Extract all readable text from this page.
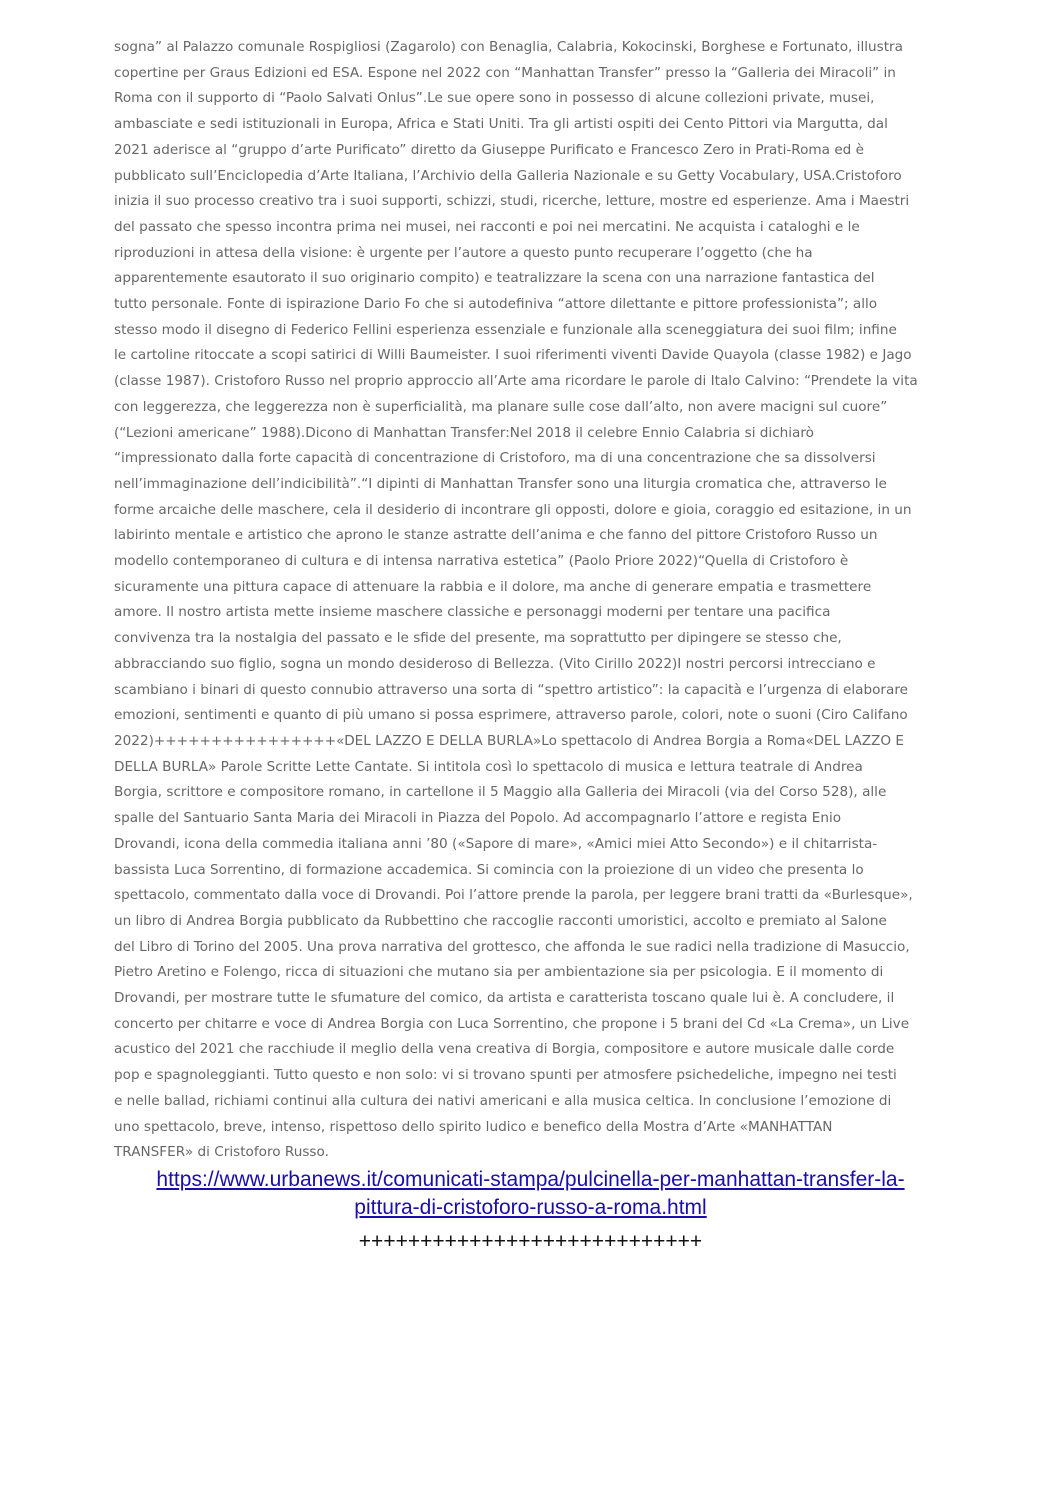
sogna” al Palazzo comunale Rospigliosi (Zagarolo) con Benaglia, Calabria, Kokocinski, Borghese e Fortunato, illustra
copertine per Graus Edizioni ed ESA. Espone nel 2022 con “Manhattan Transfer” presso la “Galleria dei Miracoli” in
Roma con il supporto di “Paolo Salvati Onlus”.Le sue opere sono in possesso di alcune collezioni private, musei,
ambasciate e sedi istituzionali in Europa, Africa e Stati Uniti. Tra gli artisti ospiti dei Cento Pittori via Margutta, dal
2021 aderisce al “gruppo d’arte Purificato” diretto da Giuseppe Purificato e Francesco Zero in Prati-Roma ed è
pubblicato sull’Enciclopedia d’Arte Italiana, l’Archivio della Galleria Nazionale e su Getty Vocabulary, USA.Cristoforo
inizia il suo processo creativo tra i suoi supporti, schizzi, studi, ricerche, letture, mostre ed esperienze. Ama i Maestri
del passato che spesso incontra prima nei musei, nei racconti e poi nei mercatini. Ne acquista i cataloghi e le
riproduzioni in attesa della visione: è urgente per l’autore a questo punto recuperare l’oggetto (che ha
apparentemente esautorato il suo originario compito) e teatralizzare la scena con una narrazione fantastica del
tutto personale. Fonte di ispirazione Dario Fo che si autodefiniva “attore dilettante e pittore professionista”; allo
stesso modo il disegno di Federico Fellini esperienza essenziale e funzionale alla sceneggiatura dei suoi film; infine
le cartoline ritoccate a scopi satirici di Willi Baumeister. I suoi riferimenti viventi Davide Quayola (classe 1982) e Jago
(classe 1987). Cristoforo Russo nel proprio approccio all’Arte ama ricordare le parole di Italo Calvino: “Prendete la vita
con leggerezza, che leggerezza non è superficialità, ma planare sulle cose dall’alto, non avere macigni sul cuore”
(“Lezioni americane” 1988).Dicono di Manhattan Transfer:Nel 2018 il celebre Ennio Calabria si dichiarò
“impressionato dalla forte capacità di concentrazione di Cristoforo, ma di una concentrazione che sa dissolversi
nell’immaginazione dell’indicibilità”.“I dipinti di Manhattan Transfer sono una liturgia cromatica che, attraverso le
forme arcaiche delle maschere, cela il desiderio di incontrare gli opposti, dolore e gioia, coraggio ed esitazione, in un
labirinto mentale e artistico che aprono le stanze astratte dell’anima e che fanno del pittore Cristoforo Russo un
modello contemporaneo di cultura e di intensa narrativa estetica” (Paolo Priore 2022)“Quella di Cristoforo è
sicuramente una pittura capace di attenuare la rabbia e il dolore, ma anche di generare empatia e trasmettere
amore. Il nostro artista mette insieme maschere classiche e personaggi moderni per tentare una pacifica
convivenza tra la nostalgia del passato e le sfide del presente, ma soprattutto per dipingere se stesso che,
abbracciando suo figlio, sogna un mondo desideroso di Bellezza. (Vito Cirillo 2022)I nostri percorsi intrecciano e
scambiano i binari di questo connubio attraverso una sorta di “spettro artistico”: la capacità e l’urgenza di elaborare
emozioni, sentimenti e quanto di più umano si possa esprimere, attraverso parole, colori, note o suoni (Ciro Califano
2022)++++++++++++++++«DEL LAZZO E DELLA BURLA»Lo spettacolo di Andrea Borgia a Roma«DEL LAZZO E
DELLA BURLA» Parole Scritte Lette Cantate. Si intitola così lo spettacolo di musica e lettura teatrale di Andrea
Borgia, scrittore e compositore romano, in cartellone il 5 Maggio alla Galleria dei Miracoli (via del Corso 528), alle
spalle del Santuario Santa Maria dei Miracoli in Piazza del Popolo. Ad accompagnarlo l’attore e regista Enio
Drovandi, icona della commedia italiana anni ’80 («Sapore di mare», «Amici miei Atto Secondo») e il chitarrista-
bassista Luca Sorrentino, di formazione accademica. Si comincia con la proiezione di un video che presenta lo
spettacolo, commentato dalla voce di Drovandi. Poi l’attore prende la parola, per leggere brani tratti da «Burlesque»,
un libro di Andrea Borgia pubblicato da Rubbettino che raccoglie racconti umoristici, accolto e premiato al Salone
del Libro di Torino del 2005. Una prova narrativa del grottesco, che affonda le sue radici nella tradizione di Masuccio,
Pietro Aretino e Folengo, ricca di situazioni che mutano sia per ambientazione sia per psicologia. E il momento di
Drovandi, per mostrare tutte le sfumature del comico, da artista e caratterista toscano quale lui è. A concludere, il
concerto per chitarre e voce di Andrea Borgia con Luca Sorrentino, che propone i 5 brani del Cd «La Crema», un Live
acustico del 2021 che racchiude il meglio della vena creativa di Borgia, compositore e autore musicale dalle corde
pop e spagnoleggianti. Tutto questo e non solo: vi si trovano spunti per atmosfere psichedeliche, impegno nei testi
e nelle ballad, richiami continui alla cultura dei nativi americani e alla musica celtica. In conclusione l’emozione di
uno spettacolo, breve, intenso, rispettoso dello spirito ludico e benefico della Mostra d’Arte «MANHATTAN
TRANSFER» di Cristoforo Russo.
https://www.urbanews.it/comunicati-stampa/pulcinella-per-manhattan-transfer-la-
pittura-di-cristoforo-russo-a-roma.html
++++++++++++++++++++++++++++
